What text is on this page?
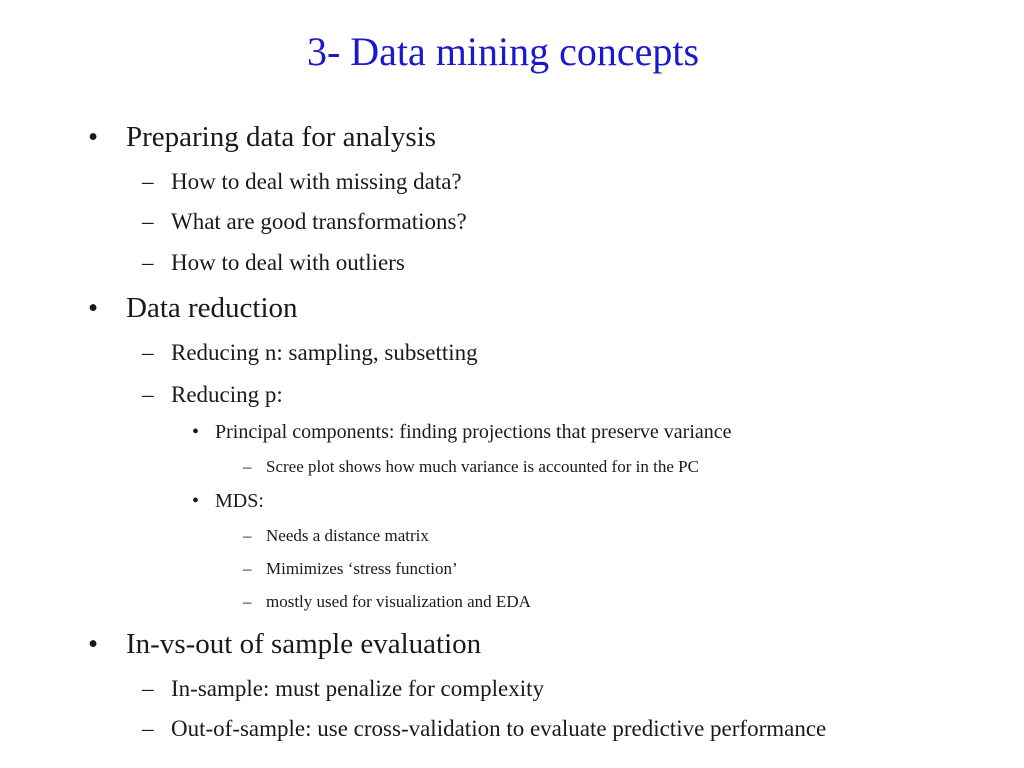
3- Data mining concepts
• Preparing data for analysis
– How to deal with missing data?
– What are good transformations?
– How to deal with outliers
• Data reduction
– Reducing n: sampling, subsetting
– Reducing p:
• Principal components: finding projections that preserve variance
– Scree plot shows how much variance is accounted for in the PC
• MDS:
– Needs a distance matrix
– Mimimizes ‘stress function’
– mostly used for visualization and EDA
• In-vs-out of sample evaluation
– In-sample: must penalize for complexity
– Out-of-sample: use cross-validation to evaluate predictive performance
